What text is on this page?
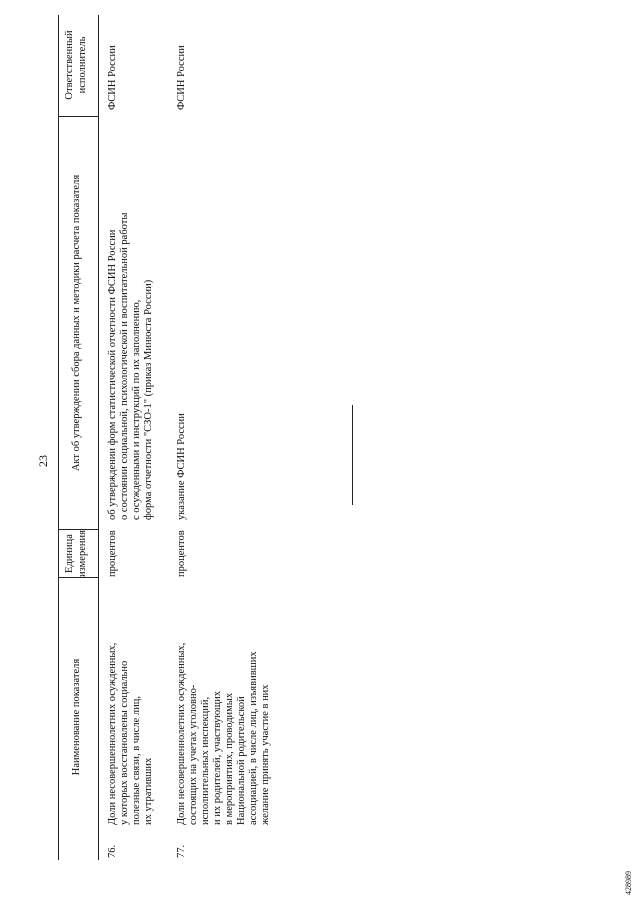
23
Наименование показателя
Единица измерения
Акт об утверждении сбора данных и методики расчета показателя
Ответственный исполнитель
76.
Доли несовершеннолетних осужденных, у которых восстановлены социально полезные связи, в числе лиц, их утративших
процентов
об утверждении форм статистической отчетности ФСИН России о состоянии социальной, психологической и воспитательной работы с осужденными и инструкций по их заполнению, форма отчетности "СЗО-1" (приказ Минюста России)
ФСИН России
77.
Доли несовершеннолетних осужденных, состоящих на учетах уголовно- исполнительных инспекций, и их родителей, участвующих в мероприятиях, проводимых Национальной родительской ассоциацией, в числе лиц, изъявивших желание принять участие в них
процентов
указание ФСИН России
ФСИН России
428989
